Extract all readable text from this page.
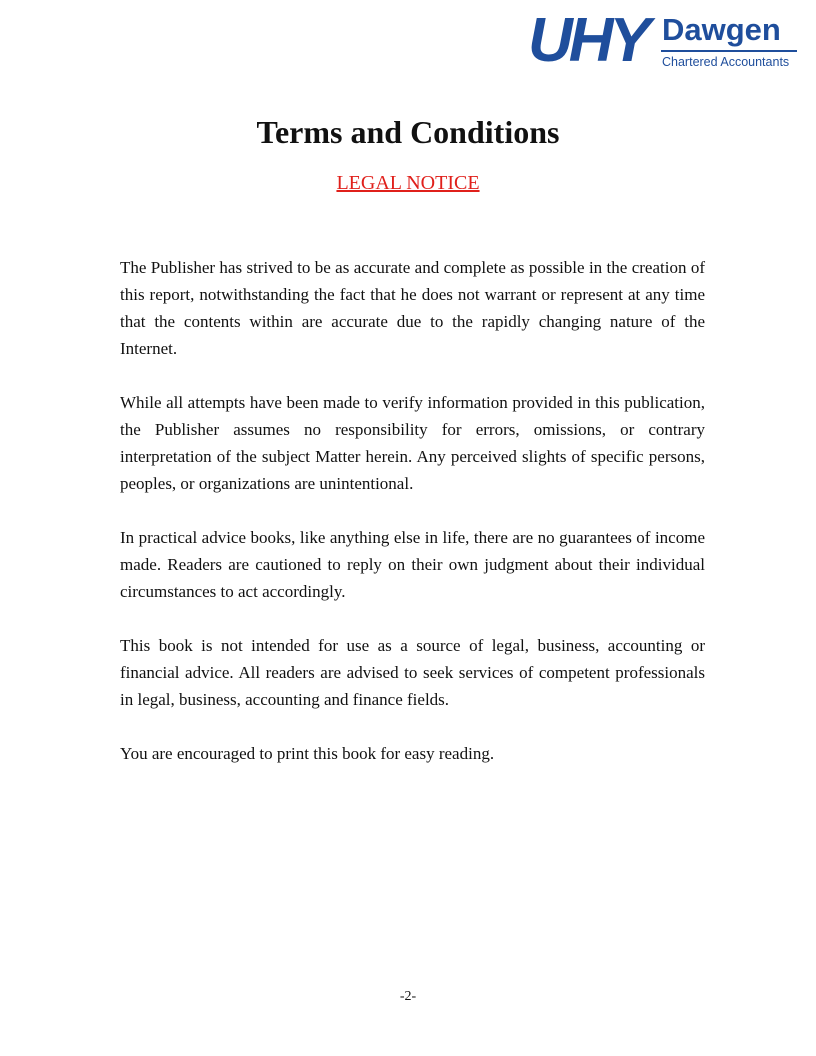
UHY Dawgen
Chartered Accountants
Terms and Conditions
LEGAL NOTICE

The Publisher has strived to be as accurate and complete as possible in the creation of this report, notwithstanding the fact that he does not warrant or represent at any time that the contents within are accurate due to the rapidly changing nature of the Internet.

While all attempts have been made to verify information provided in this publication, the Publisher assumes no responsibility for errors, omissions, or contrary interpretation of the subject Matter herein. Any perceived slights of specific persons, peoples, or organizations are unintentional.

In practical advice books, like anything else in life, there are no guarantees of income made. Readers are cautioned to reply on their own judgment about their individual circumstances to act accordingly.

This book is not intended for use as a source of legal, business, accounting or financial advice. All readers are advised to seek services of competent professionals in legal, business, accounting and finance fields.

You are encouraged to print this book for easy reading.

-2-
